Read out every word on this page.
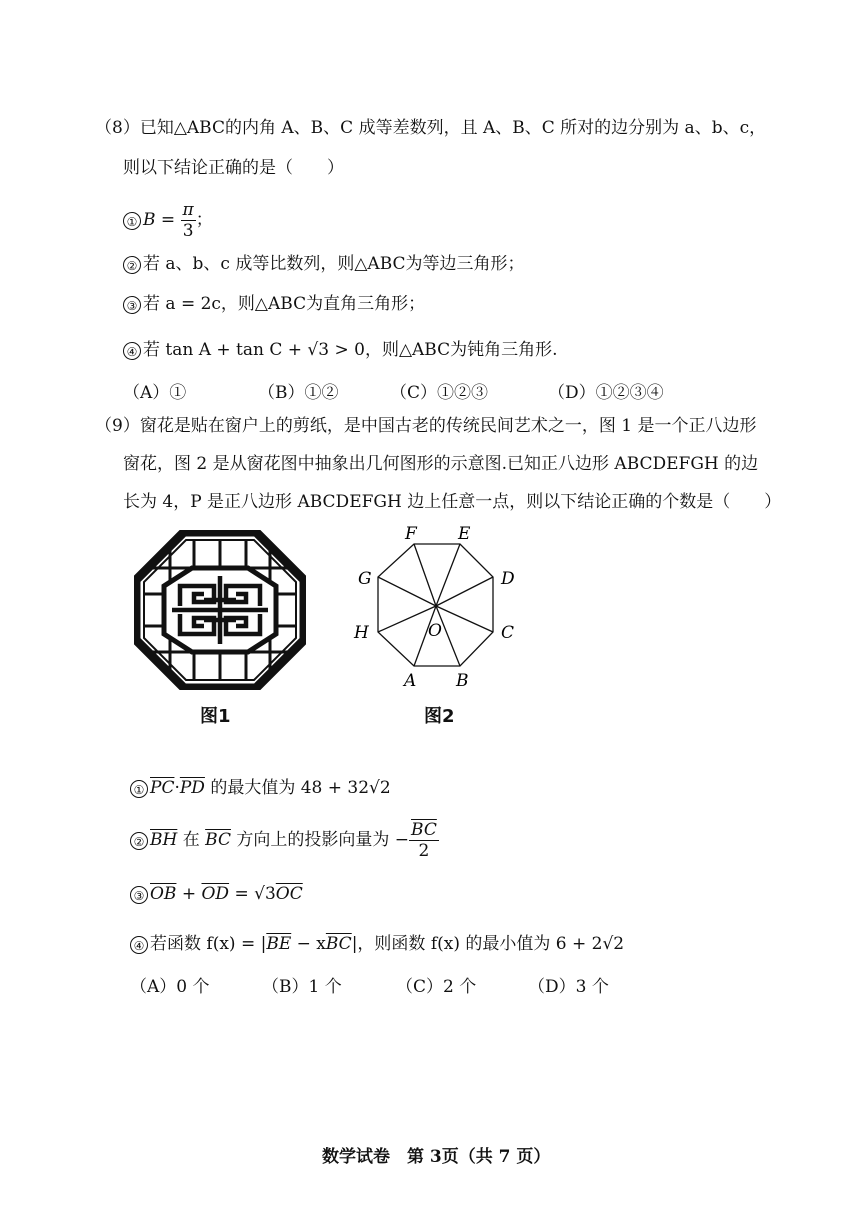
（8）已知△ABC的内角 A、B、C 成等差数列，且 A、B、C 所对的边分别为 a、b、c，
则以下结论正确的是（　　）
① $B = \frac{\pi}{3}$ ；
② 若 a、b、c 成等比数列，则△ABC为等边三角形；
③ 若 a = 2c，则△ABC为直角三角形；
④ 若 tan A + tan C + √3 > 0，则△ABC为钝角三角形.
（A）①	（B）①②	（C）①②③	（D）①②③④
（9）窗花是贴在窗户上的剪纸，是中国古老的传统民间艺术之一，图 1 是一个正八边形
窗花，图 2 是从窗花图中抽象出几何图形的示意图.已知正八边形 ABCDEFGH 的边
长为 4，P 是正八边形 ABCDEFGH 边上任意一点，则以下结论正确的个数是（　　）
图1
F E
G	D
H	C
O
B
A
图2
① $\overline{PC}\cdot\overline{PD}$ 的最大值为 48 + 32√2
② $\overline{BH}$ 在 $\overline{BC}$ 方向上的投影向量为 − $\frac{\overline{BC}}{2}$
③ $\overline{OB} + \overline{OD} = √3\overline{OC}$
④ 若函数 $f(x) = |\overline{BE} - x\overline{BC}|$，则函数 f(x) 的最小值为 6 + 2√2
（A）0 个	（B）1 个	（C）2 个	（D）3 个
数学试卷　第 3页（共 7 页）
